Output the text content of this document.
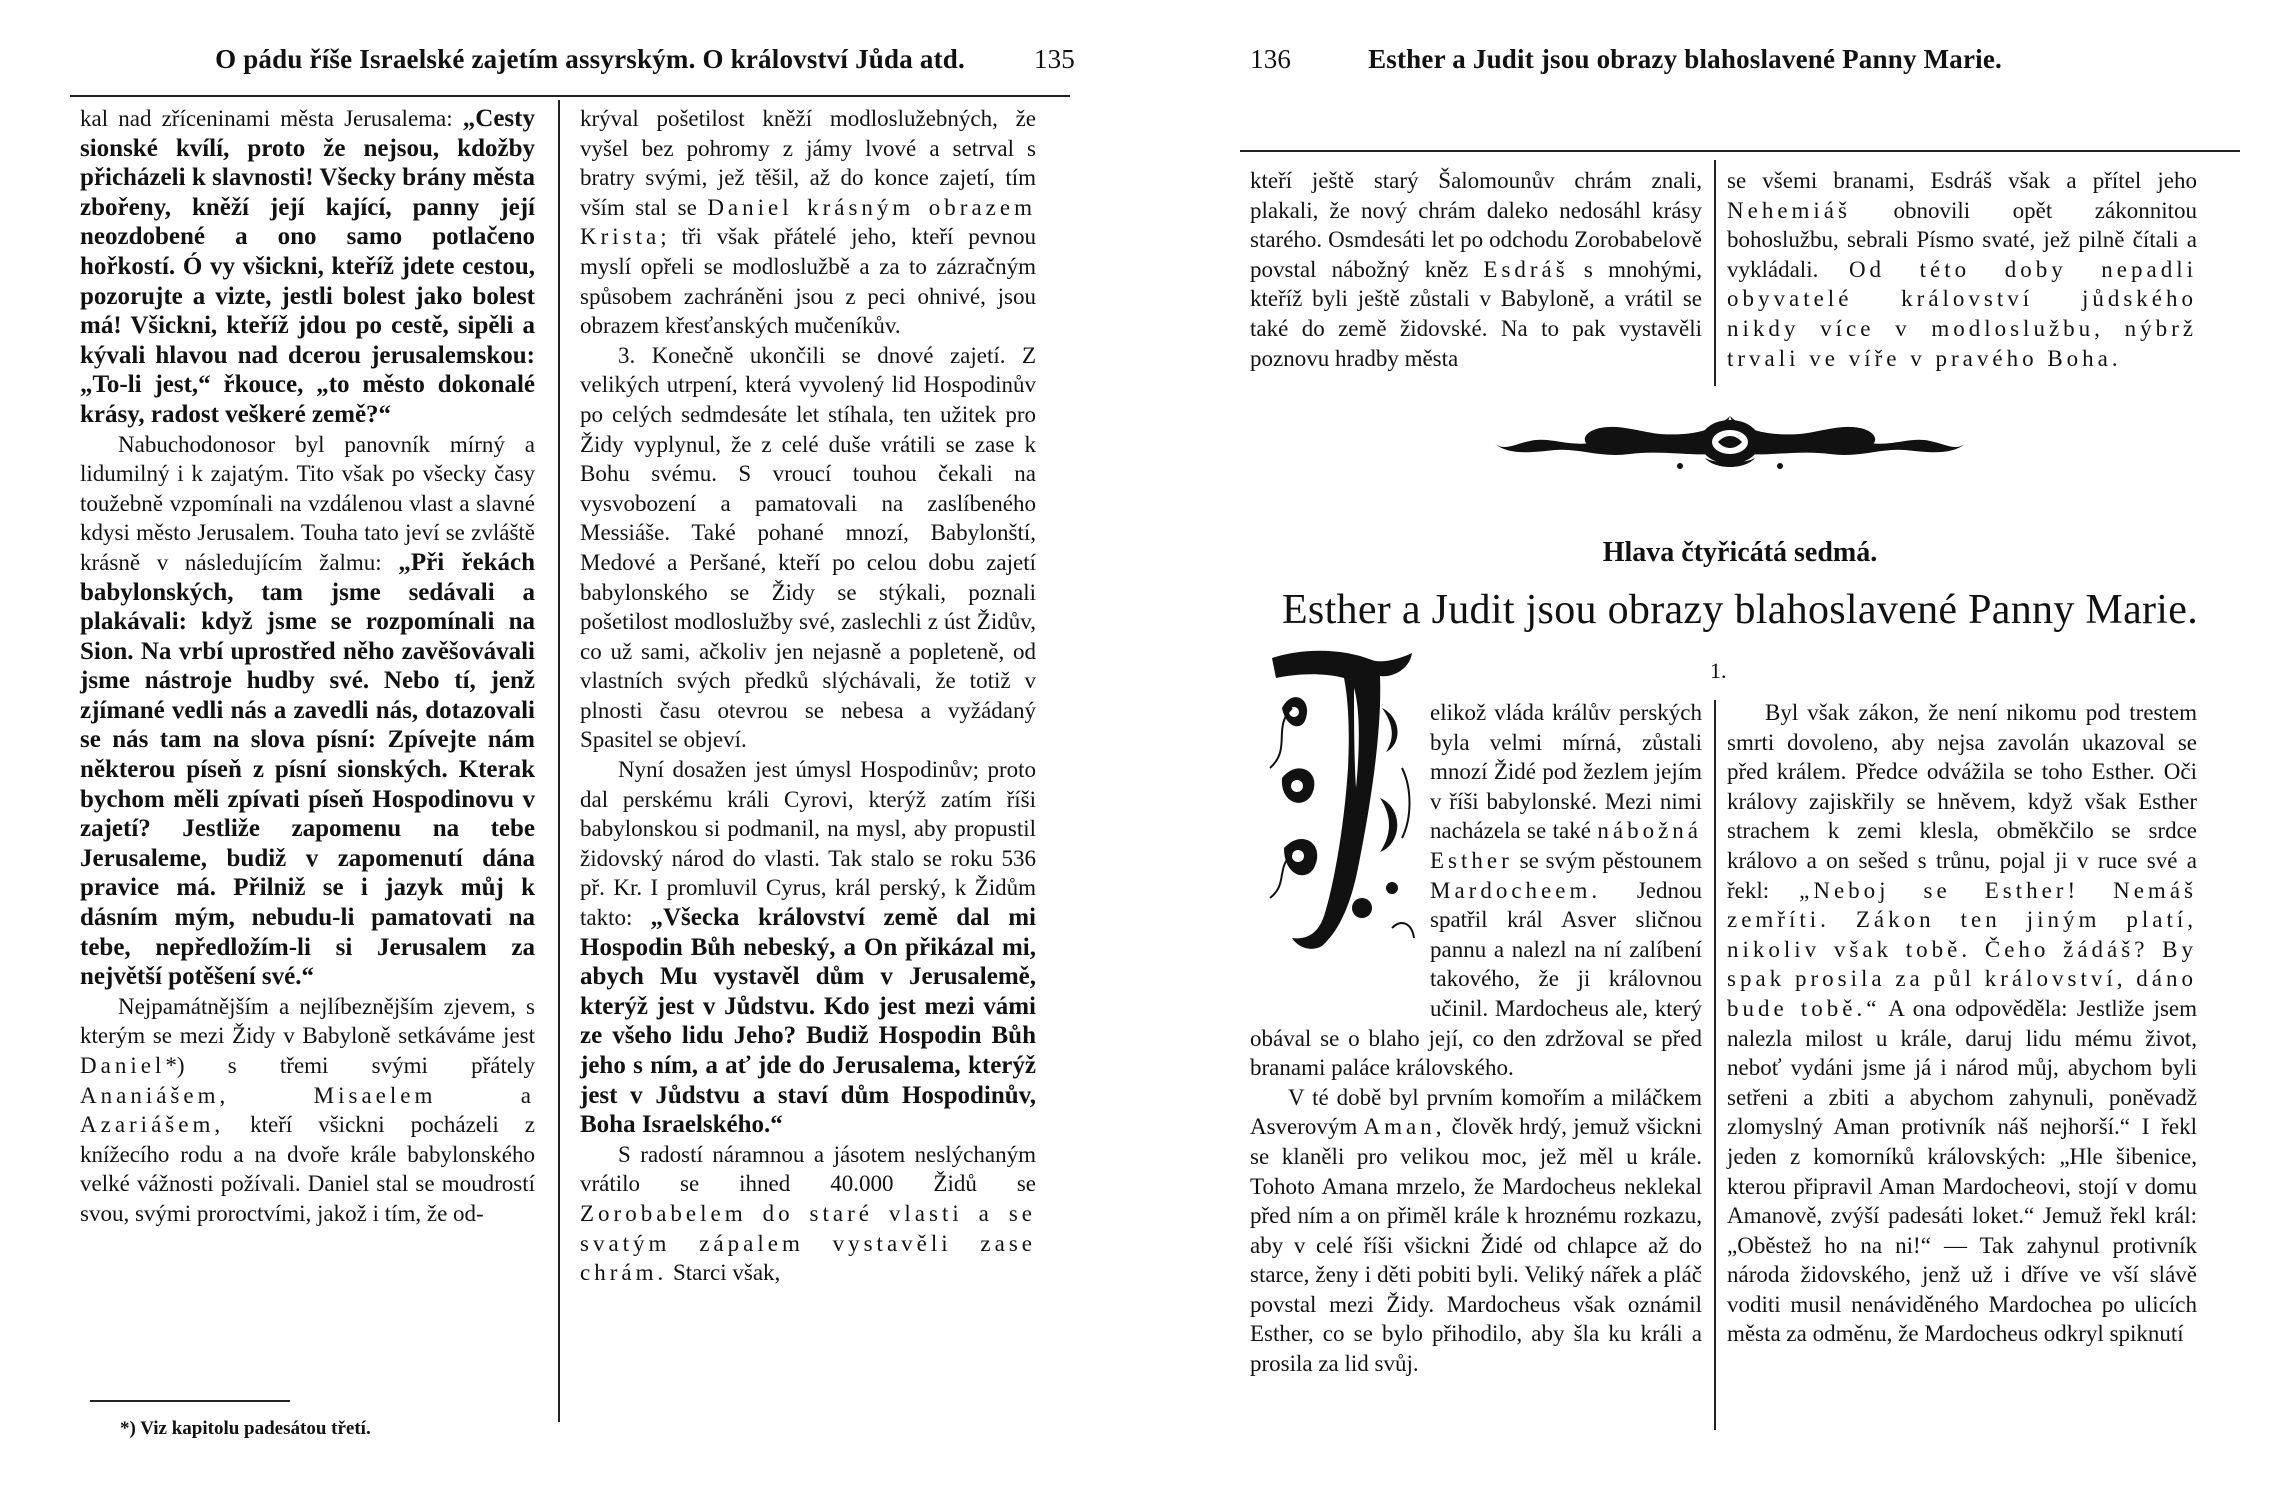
O pádu říše Israelské zajetím assyrským. O království Jůda atd.	135

kal nad zříceninami města Jerusalema: „Cesty sionské kvílí, proto že nejsou, kdožby přicházeli k slavnosti! Všecky brány města zbořeny, kněží její kající, panny její neozdobené a ono samo potlačeno hořkostí. Ó vy všickni, kteříž jdete cestou, pozorujte a vizte, jestli bolest jako bolest má! Všickni, kteříž jdou po cestě, sipěli a kývali hlavou nad dcerou jerusalemskou: „To-li jest,“ řkouce, „to město dokonalé krásy, radost veškeré země?“

Nabuchodonosor byl panovník mírný a lidumilný i k zajatým. Tito však po všecky časy toužebně vzpomínali na vzdálenou vlast a slavné kdysi město Jerusalem. Touha tato jeví se zvláště krásně v následujícím žalmu: „Při řekách babylonských, tam jsme sedávali a plakávali: když jsme se rozpomínali na Sion. Na vrbí uprostřed něho zavěšovávali jsme nástroje hudby své. Nebo tí, jenž zjímané vedli nás a zavedli nás, dotazovali se nás tam na slova písní: Zpívejte nám některou píseň z písní sionských. Kterak bychom měli zpívati píseň Hospodinovu v zajetí? Jestliže zapomenu na tebe Jerusaleme, budiž v zapomenutí dána pravice má. Přilniž se i jazyk můj k dásním mým, nebudu-li pamatovati na tebe, nepředložím-li si Jerusalem za největší potěšení své.“

Nejpamátnějším a nejlíbeznějším zjevem, s kterým se mezi Židy v Babyloně setkáváme jest Daniel*) s třemi svými přátely Ananiášem, Misaelem a Azariášem, kteří všickni pocházeli z knížecího rodu a na dvoře krále babylonského velké vážnosti požívali. Daniel stal se moudrostí svou, svými proroctvími, jakož i tím, že od-

krýval pošetilost kněží modloslužebných, že vyšel bez pohromy z jámy lvové a setrval s bratry svými, jež těšil, až do konce zajetí, tím vším stal se Daniel krásným obrazem Krista; tři však přátelé jeho, kteří pevnou myslí opřeli se modloslužbě a za to zázračným spůsobem zachráněni jsou z peci ohnivé, jsou obrazem křesťanských mučeníkův.

3. Konečně ukončili se dnové zajetí. Z velikých utrpení, která vyvolený lid Hospodinův po celých sedmdesáte let stíhala, ten užitek pro Židy vyplynul, že z celé duše vrátili se zase k Bohu svému. S vroucí touhou čekali na vysvobození a pamatovali na zaslíbeného Messiáše. Také pohané mnozí, Babylonští, Medové a Peršané, kteří po celou dobu zajetí babylonského se Židy se stýkali, poznali pošetilost modloslužby své, zaslechli z úst Židův, co už sami, ačkoliv jen nejasně a popleteně, od vlastních svých předků slýchávali, že totiž v plnosti času otevrou se nebesa a vyžádaný Spasitel se objeví.

Nyní dosažen jest úmysl Hospodinův; proto dal perskému králi Cyrovi, kterýž zatím říši babylonskou si podmanil, na mysl, aby propustil židovský národ do vlasti. Tak stalo se roku 536 př. Kr. I promluvil Cyrus, král perský, k Židům takto: „Všecka království země dal mi Hospodin Bůh nebeský, a On přikázal mi, abych Mu vystavěl dům v Jerusalemě, kterýž jest v Jůdstvu. Kdo jest mezi vámi ze všeho lidu Jeho? Budiž Hospodin Bůh jeho s ním, a ať jde do Jerusalema, kterýž jest v Jůdstvu a staví dům Hospodinův, Boha Israelského.“

S radostí náramnou a jásotem neslýchaným vrátilo se ihned 40.000 Židů se Zorobabelem do staré vlasti a se svatým zápalem vystavěli zase chrám. Starci však,

*) Viz kapitolu padesátou třetí.
136	Esther a Judit jsou obrazy blahoslavené Panny Marie.

kteří ještě starý Šalomounův chrám znali, plakali, že nový chrám daleko nedosáhl krásy starého. Osmdesáti let po odchodu Zorobabelově povstal nábožný kněz Esdráš s mnohými, kteříž byli ještě zůstali v Babyloně, a vrátil se také do země židovské. Na to pak vystavěli poznovu hradby města

se všemi branami, Esdráš však a přítel jeho Nehemiáš obnovili opět zákonnitou bohoslužbu, sebrali Písmo svaté, jež pilně čítali a vykládali. Od této doby nepadli obyvatelé království jůdského nikdy více v modloslužbu, nýbrž trvali ve víře v pravého Boha.

Hlava čtyřicátá sedmá.
Esther a Judit jsou obrazy blahoslavené Panny Marie.
1.

elikož vláda králův perských byla velmi mírná, zůstali mnozí Židé pod žezlem jejím v říši babylonské. Mezi nimi nacházela se také nábožná Esther se svým pěstounem Mardocheem. Jednou spatřil král Asver sličnou pannu a nalezl na ní zalíbení takového, že ji královnou učinil. Mardocheus ale, který obával se o blaho její, co den zdržoval se před branami paláce královského.

V té době byl prvním komořím a miláčkem Asverovým Aman, člověk hrdý, jemuž všickni se klaněli pro velikou moc, jež měl u krále. Tohoto Amana mrzelo, že Mardocheus neklekal před ním a on přiměl krále k hroznému rozkazu, aby v celé říši všickni Židé od chlapce až do starce, ženy i děti pobiti byli. Veliký nářek a pláč povstal mezi Židy. Mardocheus však oznámil Esther, co se bylo přihodilo, aby šla ku králi a prosila za lid svůj.

Byl však zákon, že není nikomu pod trestem smrti dovoleno, aby nejsa zavolán ukazoval se před králem. Předce odvážila se toho Esther. Oči královy zajiskřily se hněvem, když však Esther strachem k zemi klesla, obměkčilo se srdce královo a on sešed s trůnu, pojal ji v ruce své a řekl: „Neboj se Esther! Nemáš zemříti. Zákon ten jiným platí, nikoliv však tobě. Čeho žádáš? By spak prosila za půl království, dáno bude tobě.“ A ona odpověděla: Jestliže jsem nalezla milost u krále, daruj lidu mému život, neboť vydáni jsme já i národ můj, abychom byli setřeni a zbiti a abychom zahynuli, poněvadž zlomyslný Aman protivník náš nejhorší.“ I řekl jeden z komorníků královských: „Hle šibenice, kterou připravil Aman Mardocheovi, stojí v domu Amanově, zvýší padesáti loket.“ Jemuž řekl král: „Oběstež ho na ni!“ — Tak zahynul protivník národa židovského, jenž už i dříve ve vší slávě voditi musil nenáviděného Mardochea po ulicích města za odměnu, že Mardocheus odkryl spiknutí

V
